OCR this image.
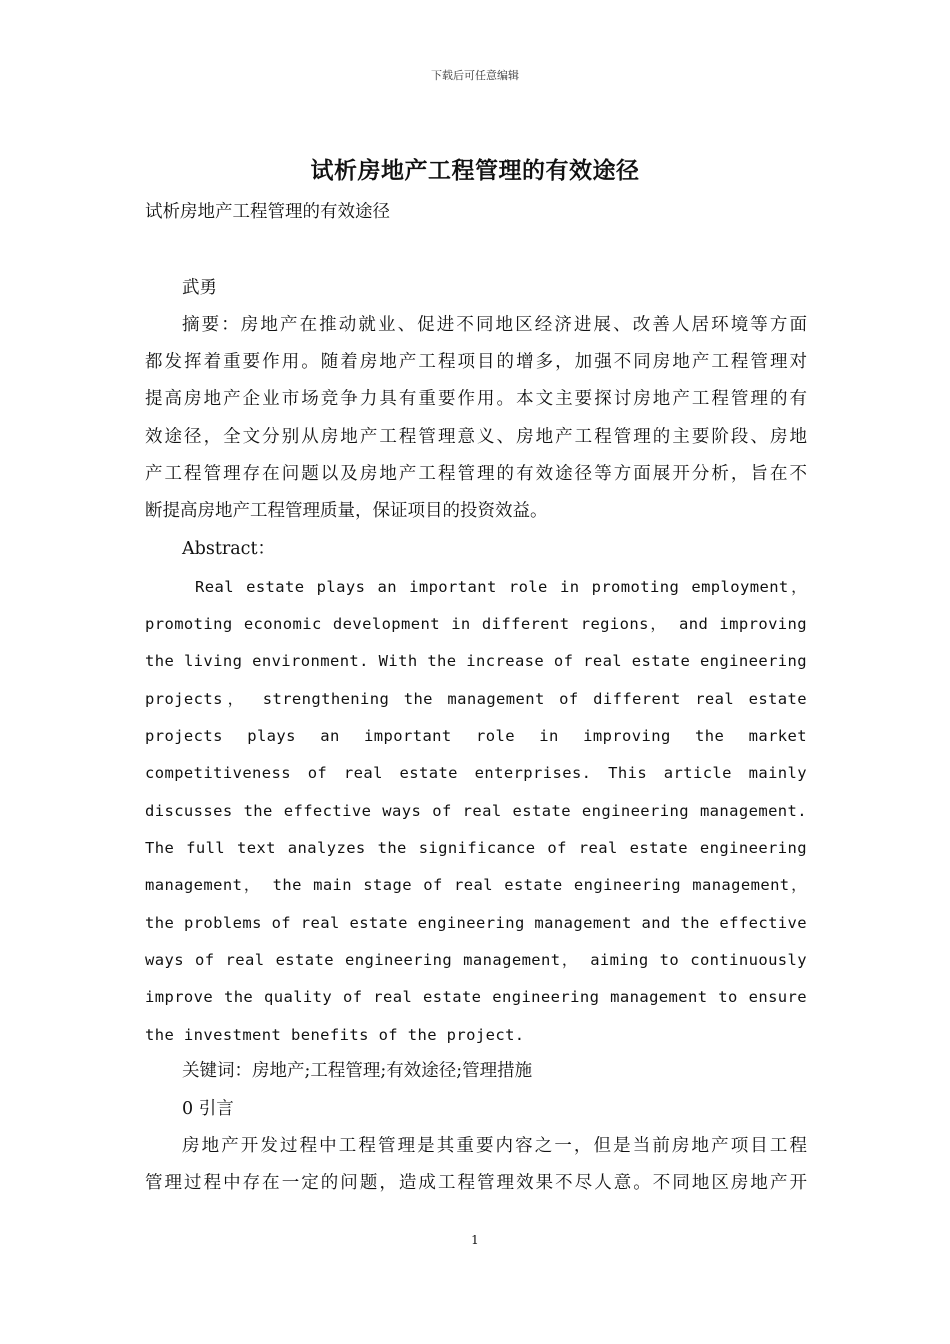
下载后可任意编辑
试析房地产工程管理的有效途径
试析房地产工程管理的有效途径
武勇
摘要：房地产在推动就业、促进不同地区经济进展、改善人居环境等方面
都发挥着重要作用。随着房地产工程项目的增多，加强不同房地产工程管理对
提高房地产企业市场竞争力具有重要作用。本文主要探讨房地产工程管理的有
效途径，全文分别从房地产工程管理意义、房地产工程管理的主要阶段、房地
产工程管理存在问题以及房地产工程管理的有效途径等方面展开分析，旨在不
断提高房地产工程管理质量，保证项目的投资效益。
Abstract：
Real estate plays an important role in promoting employment，
promoting economic development in different regions， and improving
the living environment. With the increase of real estate engineering
projects， strengthening the management of different real estate
projects plays an important role in improving the market
competitiveness of real estate enterprises. This article mainly
discusses the effective ways of real estate engineering management.
The full text analyzes the significance of real estate engineering
management， the main stage of real estate engineering management，
the problems of real estate engineering management and the effective
ways of real estate engineering management， aiming to continuously
improve the quality of real estate engineering management to ensure
the investment benefits of the project.
关键词：房地产;工程管理;有效途径;管理措施
0 引言
房地产开发过程中工程管理是其重要内容之一，但是当前房地产项目工程
管理过程中存在一定的问题，造成工程管理效果不尽人意。不同地区房地产开
1
